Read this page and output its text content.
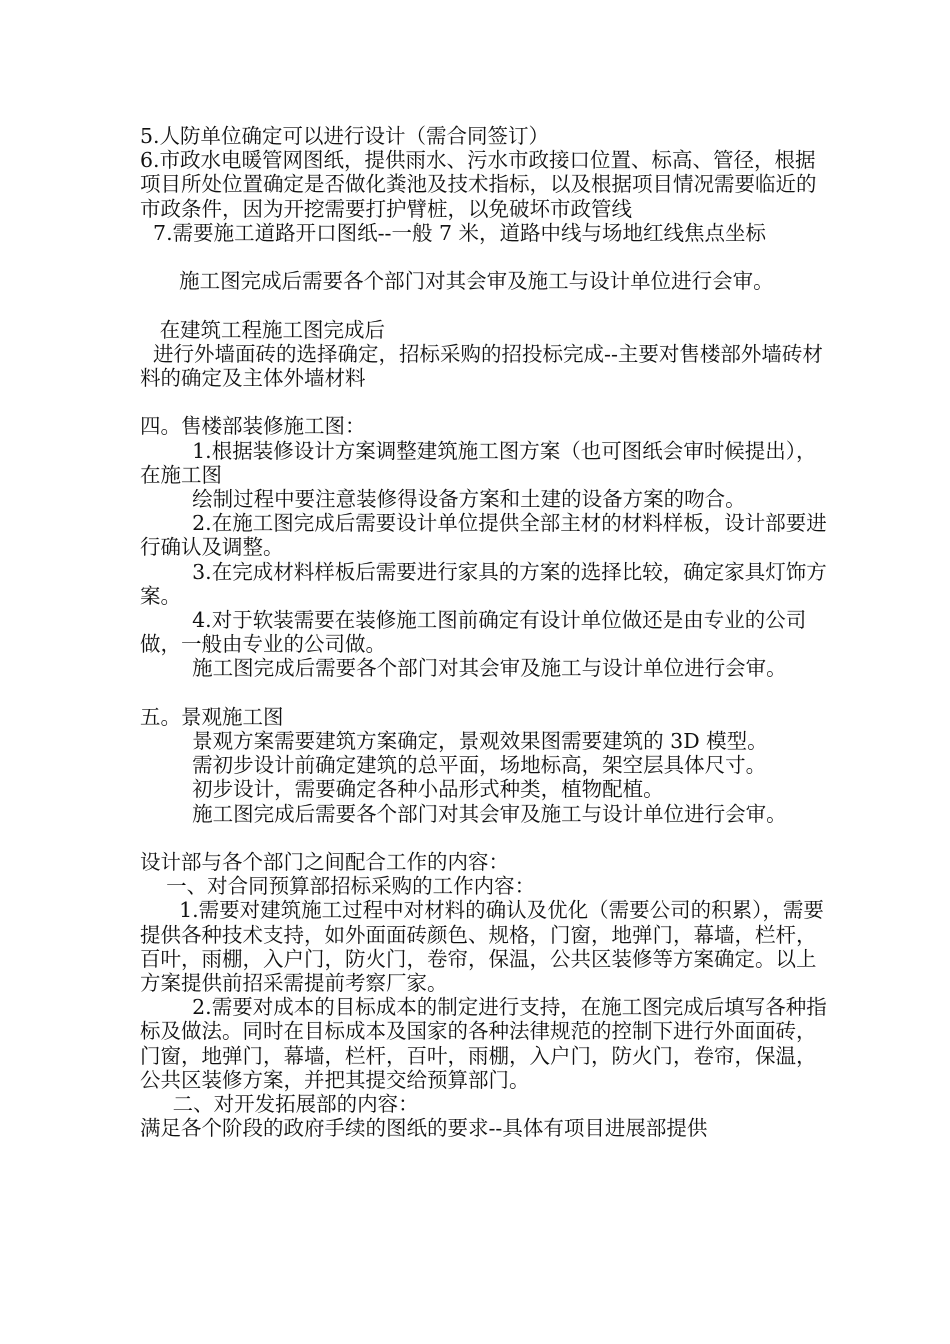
5.人防单位确定可以进行设计（需合同签订）

6.市政水电暖管网图纸，提供雨水、污水市政接口位置、标高、管径，根据项目所处位置确定是否做化粪池及技术指标，以及根据项目情况需要临近的市政条件，因为开挖需要打护臂桩，以免破坏市政管线

7.需要施工道路开口图纸--一般 7 米，道路中线与场地红线焦点坐标

施工图完成后需要各个部门对其会审及施工与设计单位进行会审。

在建筑工程施工图完成后

进行外墙面砖的选择确定，招标采购的招投标完成--主要对售楼部外墙砖材料的确定及主体外墙材料

四。售楼部装修施工图：

1.根据装修设计方案调整建筑施工图方案（也可图纸会审时候提出），在施工图

绘制过程中要注意装修得设备方案和土建的设备方案的吻合。

2.在施工图完成后需要设计单位提供全部主材的材料样板，设计部要进行确认及调整。

3.在完成材料样板后需要进行家具的方案的选择比较，确定家具灯饰方案。

4.对于软装需要在装修施工图前确定有设计单位做还是由专业的公司做，一般由专业的公司做。

施工图完成后需要各个部门对其会审及施工与设计单位进行会审。

五。景观施工图

景观方案需要建筑方案确定，景观效果图需要建筑的 3D 模型。

需初步设计前确定建筑的总平面，场地标高，架空层具体尺寸。

初步设计，需要确定各种小品形式种类，植物配植。

施工图完成后需要各个部门对其会审及施工与设计单位进行会审。

设计部与各个部门之间配合工作的内容：

一、对合同预算部招标采购的工作内容：

1.需要对建筑施工过程中对材料的确认及优化（需要公司的积累），需要提供各种技术支持，如外面面砖颜色、规格，门窗，地弹门，幕墙，栏杆，百叶，雨棚，入户门，防火门，卷帘，保温，公共区装修等方案确定。以上方案提供前招采需提前考察厂家。

2.需要对成本的目标成本的制定进行支持，在施工图完成后填写各种指标及做法。同时在目标成本及国家的各种法律规范的控制下进行外面面砖，门窗，地弹门，幕墙，栏杆，百叶，雨棚，入户门，防火门，卷帘，保温，公共区装修方案，并把其提交给预算部门。

二、对开发拓展部的内容：

满足各个阶段的政府手续的图纸的要求--具体有项目进展部提供
